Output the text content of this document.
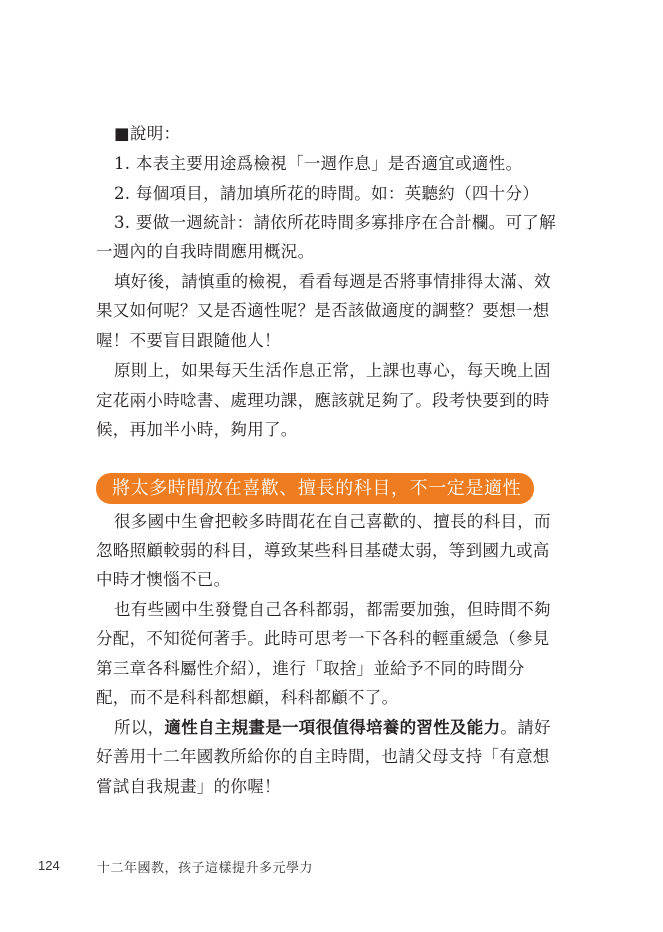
■說明：
1. 本表主要用途爲檢視「一週作息」是否適宜或適性。
2. 每個項目，請加填所花的時間。如：英聽約（四十分）
3. 要做一週統計：請依所花時間多寡排序在合計欄。可了解
一週內的自我時間應用概況。
填好後，請慎重的檢視，看看每週是否將事情排得太滿、效
果又如何呢？又是否適性呢？是否該做適度的調整？要想一想
喔！不要盲目跟隨他人！
原則上，如果每天生活作息正常，上課也專心，每天晚上固
定花兩小時唸書、處理功課，應該就足夠了。段考快要到的時
候，再加半小時，夠用了。
將太多時間放在喜歡、擅長的科目，不一定是適性
很多國中生會把較多時間花在自己喜歡的、擅長的科目，而
忽略照顧較弱的科目，導致某些科目基礎太弱，等到國九或高
中時才懊惱不已。
也有些國中生發覺自己各科都弱，都需要加強，但時間不夠
分配，不知從何著手。此時可思考一下各科的輕重緩急（參見
第三章各科屬性介紹），進行「取捨」並給予不同的時間分
配，而不是科科都想顧，科科都顧不了。
所以，適性自主規畫是一項很值得培養的習性及能力。請好
好善用十二年國教所給你的自主時間，也請父母支持「有意想
嘗試自我規畫」的你喔！
124	十二年國教，孩子這樣提升多元學力
